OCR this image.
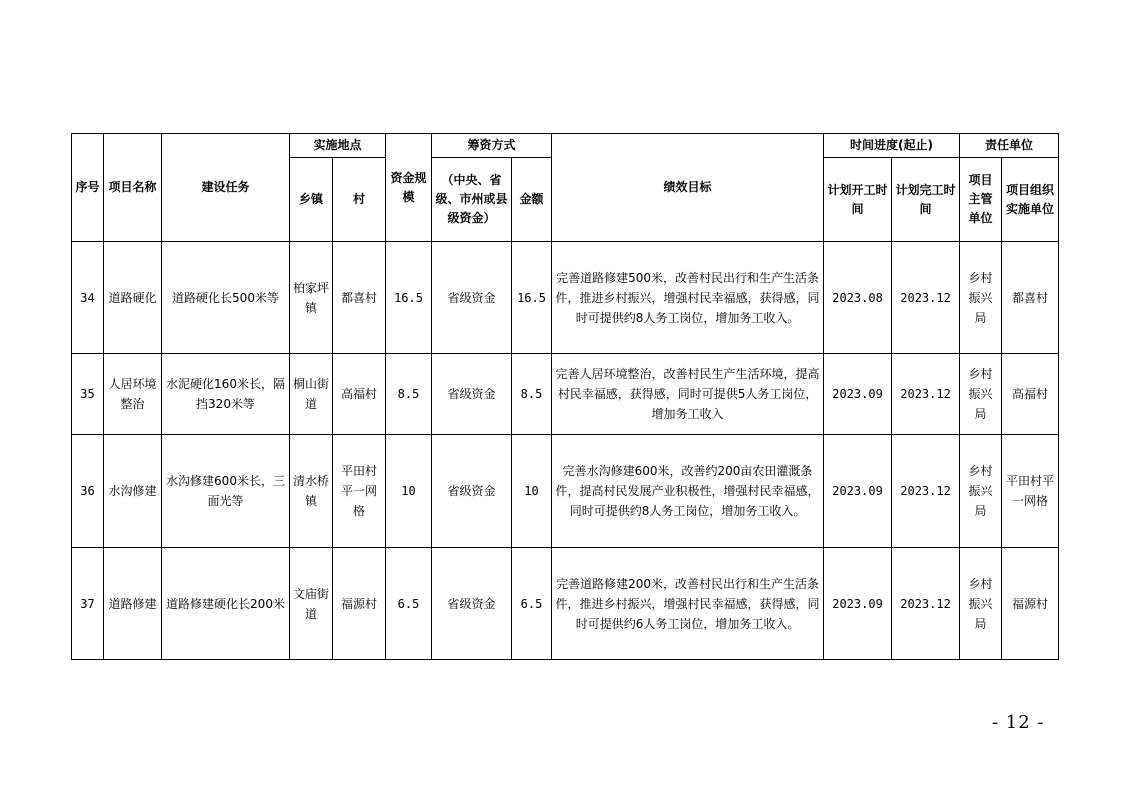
序号	项目名称	建设任务	实施地点		资金规模	筹资方式		绩效目标	时间进度(起止)		责任单位	
			乡镇	村		（中央、省级、市州或县级资金）	金额		计划开工时间	计划完工时间	项目主管单位	项目组织实施单位
34	道路硬化	道路硬化长500米等	柏家坪镇	都喜村	16.5	省级资金	16.5	完善道路修建500米，改善村民出行和生产生活条件，推进乡村振兴，增强村民幸福感，获得感，同时可提供约8人务工岗位，增加务工收入。	2023.08	2023.12	乡村振兴局	都喜村
35	人居环境整治	水泥硬化160米长，隔挡320米等	桐山街道	高福村	8.5	省级资金	8.5	完善人居环境整治，改善村民生产生活环境，提高村民幸福感，获得感，同时可提供5人务工岗位，增加务工收入	2023.09	2023.12	乡村振兴局	高福村
36	水沟修建	水沟修建600米长，三面光等	清水桥镇	平田村平一网格	10	省级资金	10	完善水沟修建600米，改善约200亩农田灌溉条件，提高村民发展产业积极性，增强村民幸福感，同时可提供约8人务工岗位，增加务工收入。	2023.09	2023.12	乡村振兴局	平田村平一网格
37	道路修建	道路修建硬化长200米	文庙街道	福源村	6.5	省级资金	6.5	完善道路修建200米，改善村民出行和生产生活条件，推进乡村振兴，增强村民幸福感，获得感，同时可提供约6人务工岗位，增加务工收入。	2023.09	2023.12	乡村振兴局	福源村
- 12 -
